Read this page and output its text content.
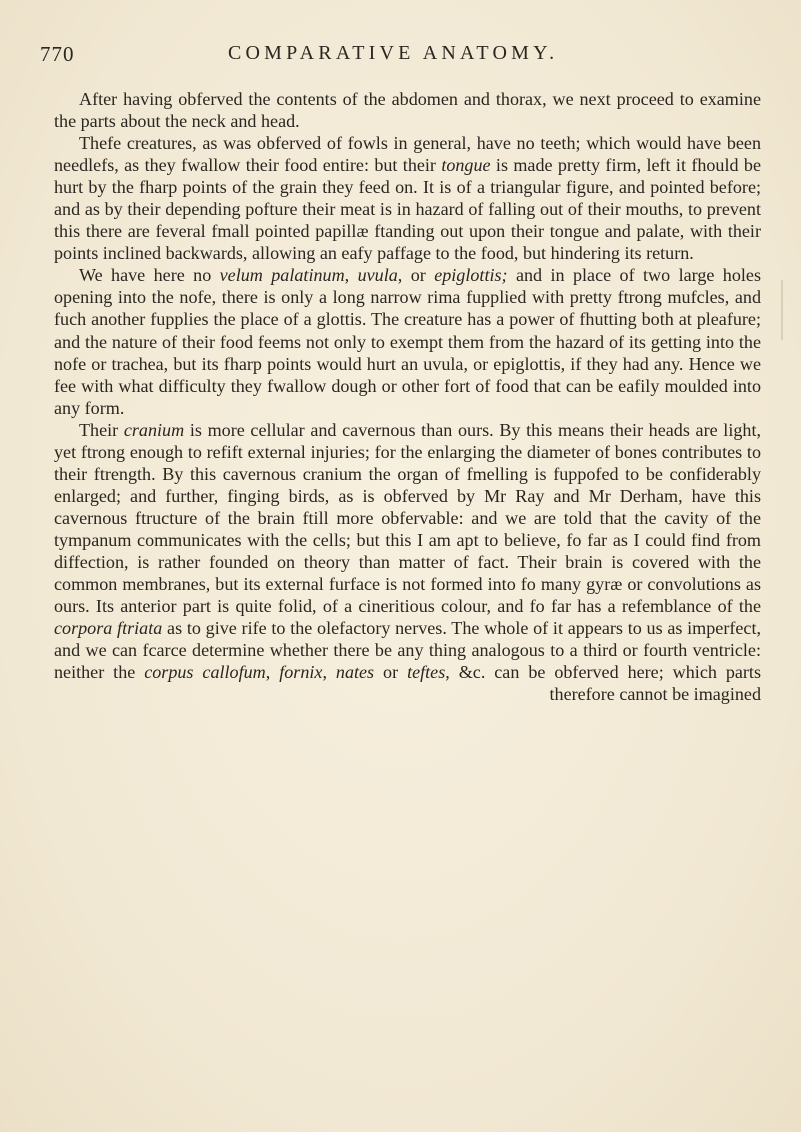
770	COMPARATIVE ANATOMY.

After having obferved the contents of the abdomen and thorax, we next proceed to examine the parts about the neck and head.

Thefe creatures, as was obferved of fowls in general, have no teeth; which would have been needlefs, as they fwallow their food entire: but their tongue is made pretty firm, left it fhould be hurt by the fharp points of the grain they feed on. It is of a triangular figure, and pointed before; and as by their depending pofture their meat is in hazard of falling out of their mouths, to prevent this there are feveral fmall pointed papillæ ftanding out upon their tongue and palate, with their points inclined backwards, allowing an eafy paffage to the food, but hindering its return.

We have here no velum palatinum, uvula, or epiglottis; and in place of two large holes opening into the nofe, there is only a long narrow rima fupplied with pretty ftrong mufcles, and fuch another fupplies the place of a glottis. The creature has a power of fhutting both at pleafure; and the nature of their food feems not only to exempt them from the hazard of its getting into the nofe or trachea, but its fharp points would hurt an uvula, or epiglottis, if they had any. Hence we fee with what difficulty they fwallow dough or other fort of food that can be eafily moulded into any form.

Their cranium is more cellular and cavernous than ours. By this means their heads are light, yet ftrong enough to refift external injuries; for the enlarging the diameter of bones contributes to their ftrength. By this cavernous cranium the organ of fmelling is fuppofed to be confiderably enlarged; and further, finging birds, as is obferved by Mr Ray and Mr Derham, have this cavernous ftructure of the brain ftill more obfervable: and we are told that the cavity of the tympanum communicates with the cells; but this I am apt to believe, fo far as I could find from diffection, is rather founded on theory than matter of fact. Their brain is covered with the common membranes, but its external furface is not formed into fo many gyræ or convolutions as ours. Its anterior part is quite folid, of a cineritious colour, and fo far has a refemblance of the corpora ftriata as to give rife to the olefactory nerves. The whole of it appears to us as imperfect, and we can fcarce determine whether there be any thing analogous to a third or fourth ventricle: neither the corpus callofum, fornix, nates or teftes, &c. can be obferved here; which parts therefore cannot be imagined
